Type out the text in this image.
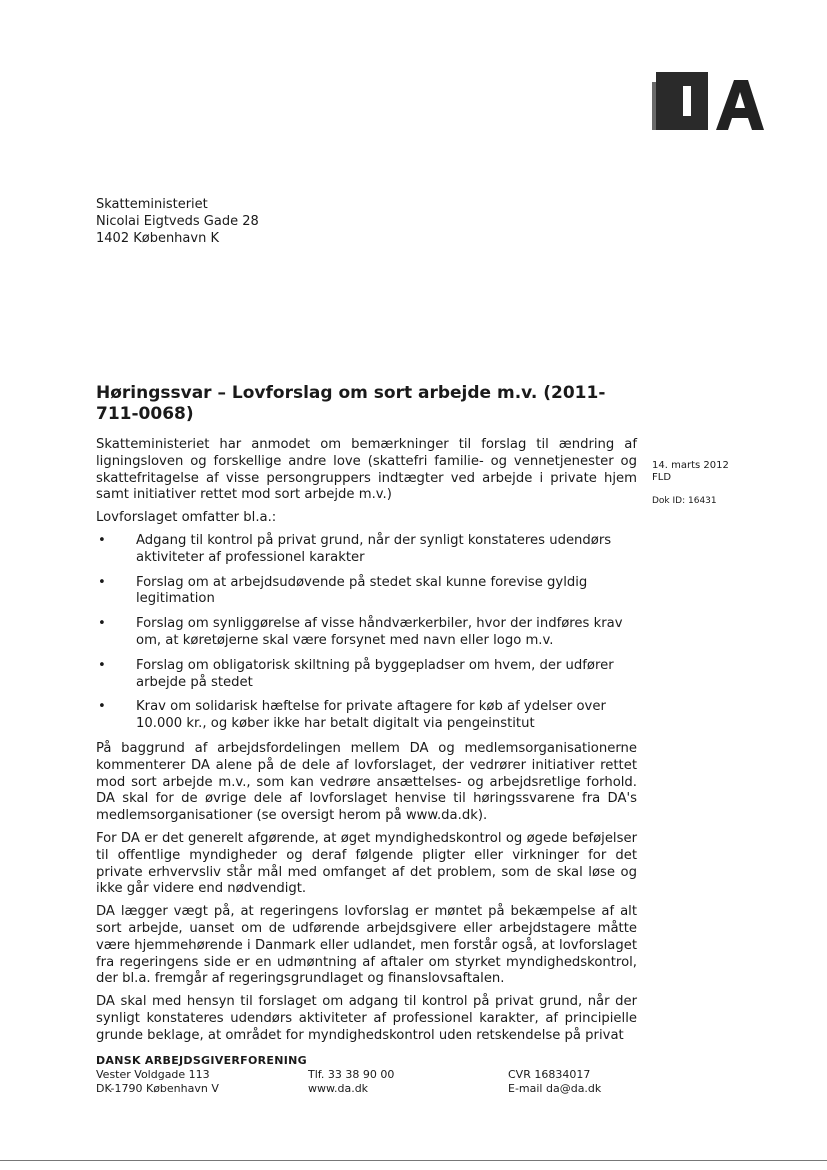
Skatteministeriet
Nicolai Eigtveds Gade 28
1402 København K
Høringssvar – Lovforslag om sort arbejde m.v. (2011-711-0068)

Skatteministeriet har anmodet om bemærkninger til forslag til ændring af ligningsloven og forskellige andre love (skattefri familie- og vennetjenester og skattefritagelse af visse persongruppers indtægter ved arbejde i private hjem samt initiativer rettet mod sort arbejde m.v.)

Lovforslaget omfatter bl.a.:

• Adgang til kontrol på privat grund, når der synligt konstateres udendørs aktiviteter af professionel karakter
• Forslag om at arbejdsudøvende på stedet skal kunne forevise gyldig legitimation
• Forslag om synliggørelse af visse håndværkerbiler, hvor der indføres krav om, at køretøjerne skal være forsynet med navn eller logo m.v.
• Forslag om obligatorisk skiltning på byggepladser om hvem, der udfører arbejde på stedet
• Krav om solidarisk hæftelse for private aftagere for køb af ydelser over 10.000 kr., og køber ikke har betalt digitalt via pengeinstitut

På baggrund af arbejdsfordelingen mellem DA og medlemsorganisationerne kommenterer DA alene på de dele af lovforslaget, der vedrører initiativer rettet mod sort arbejde m.v., som kan vedrøre ansættelses- og arbejdsretlige forhold. DA skal for de øvrige dele af lovforslaget henvise til høringssvarene fra DA's medlemsorganisationer (se oversigt herom på www.da.dk).

For DA er det generelt afgørende, at øget myndighedskontrol og øgede beføjelser til offentlige myndigheder og deraf følgende pligter eller virkninger for det private erhvervsliv står mål med omfanget af det problem, som de skal løse og ikke går videre end nødvendigt.

DA lægger vægt på, at regeringens lovforslag er møntet på bekæmpelse af alt sort arbejde, uanset om de udførende arbejdsgivere eller arbejdstagere måtte være hjemmehørende i Danmark eller udlandet, men forstår også, at lovforslaget fra regeringens side er en udmøntning af aftaler om styrket myndighedskontrol, der bl.a. fremgår af regeringsgrundlaget og finanslovsaftalen.

DA skal med hensyn til forslaget om adgang til kontrol på privat grund, når der synligt konstateres udendørs aktiviteter af professionel karakter, af principielle grunde beklage, at området for myndighedskontrol uden retskendelse på privat

14. marts 2012
FLD
Dok ID: 16431
DANSK ARBEJDSGIVERFORENING
Vester Voldgade 113
DK-1790 København V
Tlf. 33 38 90 00
www.da.dk
CVR 16834017
E-mail da@da.dk
